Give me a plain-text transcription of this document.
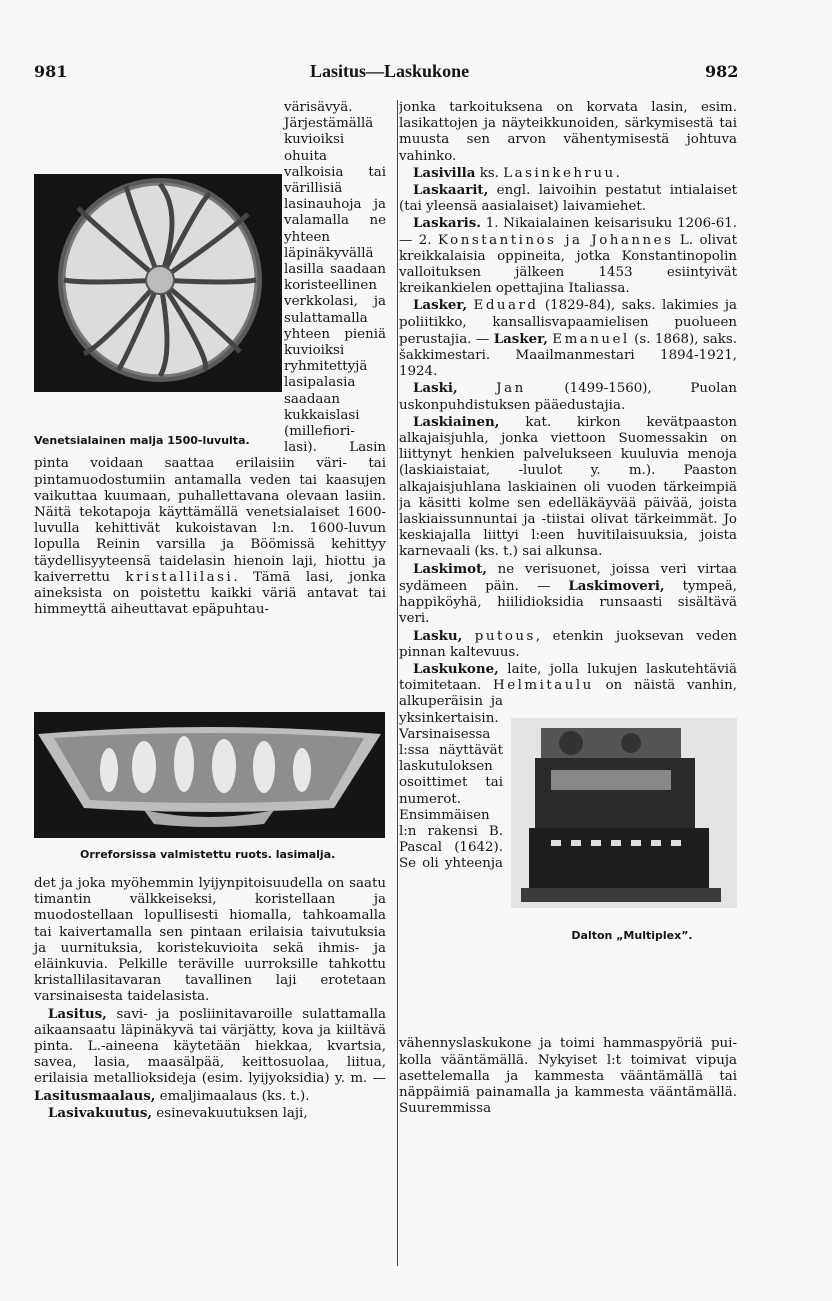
981	Lasitus—Laskukone	982
Venetsialainen malja 1500-luvulta.

värisävyä. Järjestämällä kuvioiksi ohuita valkoisia tai värillisiä lasinauhoja ja valamalla ne yhteen läpinäkyvällä lasilla saadaan koristeellinen verkkolasi, ja sulattamalla yhteen pieniä kuvioiksi ryhmitettyjä lasipalasia saadaan kukkaislasi (millefiori-lasi). Lasin pinta voidaan saattaa erilaisiin väri- tai pintamuodostumiin antamalla veden tai kaasujen vaikuttaa kuumaan, puhallettavana olevaan lasiin. Näitä tekotapoja käyttämällä venetsialaiset 1600-luvulla kehittivät kukoistavan l:n. 1600-luvun lopulla Reinin varsilla ja Böömissä kehittyy täydellisyyteensä taidelasin hienoin laji, hiottu ja kaiverrettu kristallilasi. Tämä lasi, jonka aineksista on poistettu kaikki väriä antavat tai himmeyttä aiheuttavat epäpuhtau-

Orreforsissa valmistettu ruots. lasimalja.

det ja joka myöhemmin lyijynpitoisuudella on saatu timantin välkkeiseksi, koristellaan ja muodostellaan lopullisesti hiomalla, tahkoamalla tai kaivertamalla sen pintaan erilaisia taivutuksia ja uurnituksia, koristekuvioita sekä ihmis- ja eläinkuvia. Pelkille teräville uurroksille tahkottu kristallilasitavaran tavallinen laji erotetaan varsinaisesta taidelasista.

Lasitus, savi- ja posliinitavaroille sulattamalla aikaansaatu läpinäkyvä tai värjätty, kova ja kiiltävä pinta. L.-aineena käytetään hiekkaa, kvartsia, savea, lasia, maasälpää, keittosuolaa, liitua, erilaisia metallioksideja (esim. lyijyoksidia) y. m. — Lasitusmaalaus, emaljimaalaus (ks. t.).

Lasivakuutus, esinevakuutuksen laji,

jonka tarkoituksena on korvata lasin, esim. lasikattojen ja näyteikkunoiden, särkymisestä tai muusta sen arvon vähentymisestä johtuva vahinko.

Lasivilla ks. Lasinkehruu.

Laskaarit, engl. laivoihin pestatut intialaiset (tai yleensä aasialaiset) laivamiehet.

Laskaris. 1. Nikaialainen keisarisuku 1206-61. — 2. Konstantinos ja Johannes L. olivat kreikkalaisia oppineita, jotka Konstantinopolin valloituksen jälkeen 1453 esiintyivät kreikankielen opettajina Italiassa.

Lasker, Eduard (1829-84), saks. lakimies ja poliitikko, kansallisvapaamielisen puolueen perustajia. — Lasker, Emanuel (s. 1868), saks. šakkimestari. Maailmanmestari 1894-1921, 1924.

Laski,	Jan (1499-1560), Puolan uskonpuhdistuksen pääedustajia.

Laskiainen, kat. kirkon kevätpaaston alkajaisjuhla, jonka viettoon Suomessakin on liittynyt henkien palvelukseen kuuluvia menoja (laskiaistaiat, -luulot y. m.). Paaston alkajaisjuhlana laskiainen oli vuoden tärkeimpiä ja käsitti kolme sen edelläkäyvää päivää, joista laskiaissunnuntai ja -tiistai olivat tärkeimmät. Jo keskiajalla liittyi l:een huvitilaisuuksia, joista karnevaali (ks. t.) sai alkunsa.

Laskimot, ne verisuonet, joissa veri virtaa sydämeen päin. — Laskimoveri, tympeä, happiköyhä, hiilidioksidia runsaasti sisältävä veri.

Lasku, putous, etenkin juoksevan veden pinnan kaltevuus.

Laskukone, laite, jolla lukujen laskutehtäviä toimitetaan. Helmitaulu
Dalton „Multiplex”.
on näistä vanhin, alkuperäisin ja yksinkertaisin. Varsinaisessa l:ssa näyttävät laskutuloksen osoittimet tai numerot. Ensimmäisen l:n rakensi B. Pascal (1642). Se oli yhteenja vähennyslaskukone ja toimi hammaspyöriä pui-kolla vääntämällä. Nykyiset l:t toimivat vipuja asettelemalla ja kammesta vääntämällä tai näppäimiä painamalla ja kammesta vääntämällä. Suuremmissa
